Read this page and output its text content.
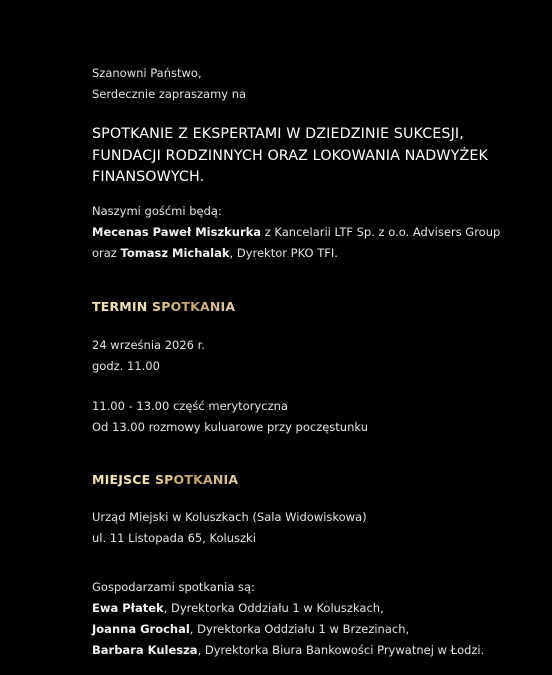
Szanowni Państwo,
Serdecznie zapraszamy na
SPOTKANIE Z EKSPERTAMI W DZIEDZINIE SUKCESJI,
FUNDACJI RODZINNYCH ORAZ LOKOWANIA NADWYŻEK
FINANSOWYCH.
Naszymi gośćmi będą:
Mecenas Paweł Miszkurka z Kancelarii LTF Sp. z o.o. Advisers Group
oraz Tomasz Michalak, Dyrektor PKO TFI.
TERMIN SPOTKANIA
24 września 2026 r.
godz. 11.00
11.00 - 13.00 część merytoryczna
Od 13.00 rozmowy kuluarowe przy poczęstunku
MIEJSCE SPOTKANIA
Urząd Miejski w Koluszkach (Sala Widowiskowa)
ul. 11 Listopada 65, Koluszki
Gospodarzami spotkania są:
Ewa Płatek, Dyrektorka Oddziału 1 w Koluszkach,
Joanna Grochal, Dyrektorka Oddziału 1 w Brzezinach,
Barbara Kulesza, Dyrektorka Biura Bankowości Prywatnej w Łodzi.
